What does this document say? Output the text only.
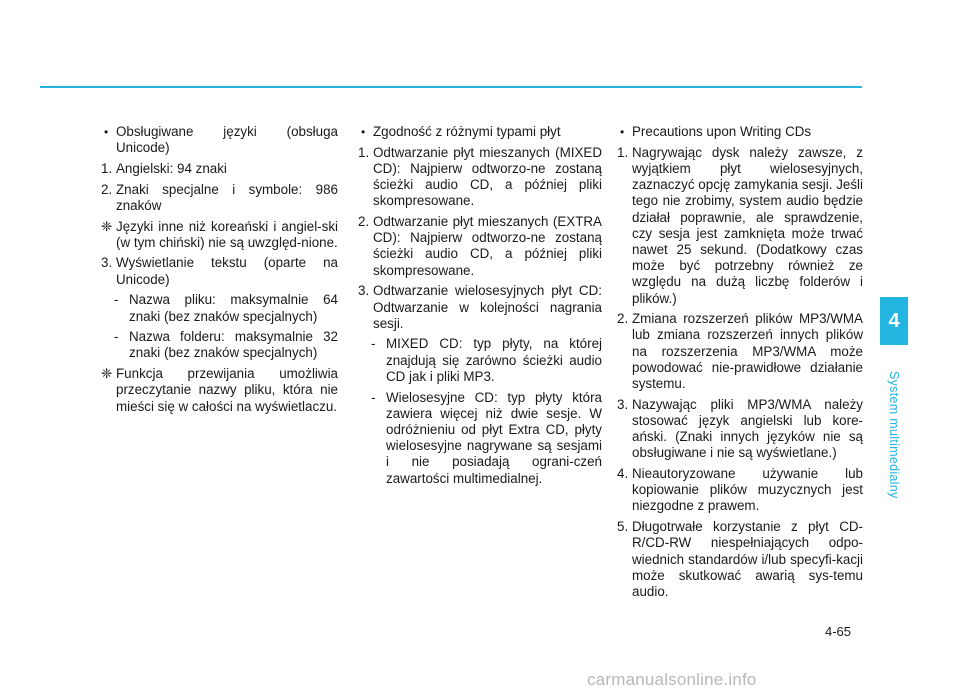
4
System multimedialny
• Obsługiwane języki (obsługa Unicode)
1. Angielski: 94 znaki
2. Znaki specjalne i symbole: 986 znaków
❈ Języki inne niż koreański i angiel-ski (w tym chiński) nie są uwzględ-nione.
3. Wyświetlanie tekstu (oparte na Unicode)
- Nazwa pliku: maksymalnie 64 znaki (bez znaków specjalnych)
- Nazwa folderu: maksymalnie 32 znaki (bez znaków specjalnych)
❈ Funkcja przewijania umożliwia przeczytanie nazwy pliku, która nie mieści się w całości na wyświetlaczu.
• Zgodność z różnymi typami płyt
1. Odtwarzanie płyt mieszanych (MIXED CD): Najpierw odtworzo-ne zostaną ścieżki audio CD, a później pliki skompresowane.
2. Odtwarzanie płyt mieszanych (EXTRA CD): Najpierw odtworzo-ne zostaną ścieżki audio CD, a później pliki skompresowane.
3. Odtwarzanie wielosesyjnych płyt CD: Odtwarzanie w kolejności nagrania sesji.
- MIXED CD: typ płyty, na której znajdują się zarówno ścieżki audio CD jak i pliki MP3.
- Wielosesyjne CD: typ płyty która zawiera więcej niż dwie sesje. W odróżnieniu od płyt Extra CD, płyty wielosesyjne nagrywane są sesjami i nie posiadają ograni-czeń zawartości multimedialnej.
• Precautions upon Writing CDs
1. Nagrywając dysk należy zawsze, z wyjątkiem płyt wielosesyjnych, zaznaczyć opcję zamykania sesji. Jeśli tego nie zrobimy, system audio będzie działał poprawnie, ale sprawdzenie, czy sesja jest zamknięta może trwać nawet 25 sekund. (Dodatkowy czas może być potrzebny również ze względu na dużą liczbę folderów i plików.)
2. Zmiana rozszerzeń plików MP3/WMA lub zmiana rozszerzeń innych plików na rozszerzenia MP3/WMA może powodować nie-prawidłowe działanie systemu.
3. Nazywając pliki MP3/WMA należy stosować język angielski lub kore-ański. (Znaki innych języków nie są obsługiwane i nie są wyświetlane.)
4. Nieautoryzowane używanie lub kopiowanie plików muzycznych jest niezgodne z prawem.
5. Długotrwałe korzystanie z płyt CD-R/CD-RW niespełniających odpo-wiednich standardów i/lub specyfi-kacji może skutkować awarią sys-temu audio.
4-65
carmanualsonline.info
